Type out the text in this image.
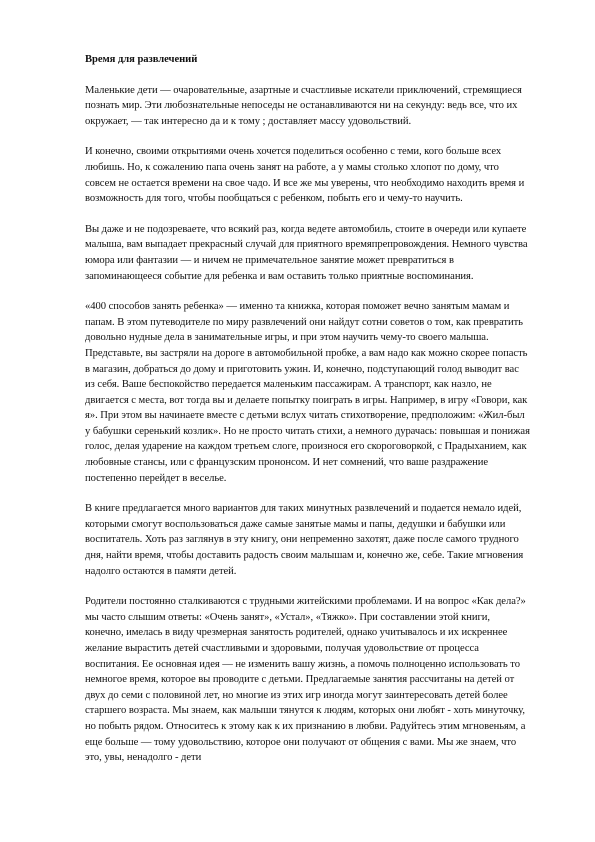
Время для развлечений

Маленькие дети — очаровательные, азартные и счастливые искатели приключений, стремящиеся познать мир. Эти любознательные непоседы не останавливаются ни на секунду: ведь все, что их окружает, — так интересно да и к тому ; доставляет массу удовольствий.

И конечно, своими открытиями очень хочется поделиться особенно с теми, кого больше всех любишь. Но, к сожалению папа очень занят на работе, а у мамы столько хлопот по дому, что совсем не остается времени на свое чадо. И все же мы уверены, что необходимо находить время и возможность для того, чтобы пообщаться с ребенком, побыть его и чему-то научить.

Вы даже и не подозреваете, что всякий раз, когда ведете автомобиль, стоите в очереди или купаете малыша, вам выпадает прекрасный случай для приятного времяпрепровождения. Немного чувства юмора или фантазии — и ничем не примечательное занятие может превратиться в запоминающееся событие для ребенка и вам оставить только приятные воспоминания.

«400 способов занять ребенка» — именно та книжка, которая поможет вечно занятым мамам и папам. В этом путеводителе по миру развлечений они найдут сотни советов о том, как превратить довольно нудные дела в занимательные игры, и при этом научить чему-то своего малыша. Представьте, вы застряли на дороге в автомобильной пробке, а вам надо как можно скорее попасть в магазин, добраться до дому и приготовить ужин. И, конечно, подступающий голод выводит вас из себя. Ваше беспокойство передается маленьким пассажирам. А транспорт, как назло, не двигается с места, вот тогда вы и делаете попытку поиграть в игры. Например, в игру «Говори, как я». При этом вы начинаете вместе с детьми вслух читать стихотворение, предположим: «Жил-был у бабушки серенький козлик». Но не просто читать стихи, а немного дурачась: повышая и понижая голос, делая ударение на каждом третьем слоге, произнося его скороговоркой, с Прадыханием, как любовные стансы, или с французским прононсом. И нет сомнений, что ваше раздражение постепенно перейдет в веселье.

В книге предлагается много вариантов для таких минутных развлечений и подается немало идей, которыми смогут воспользоваться даже самые занятые мамы и папы, дедушки и бабушки или воспитатель. Хоть раз заглянув в эту книгу, они непременно захотят, даже после самого трудного дня, найти время, чтобы доставить радость своим малышам и, конечно же, себе. Такие мгновения надолго остаются в памяти детей.

Родители постоянно сталкиваются с трудными житейскими проблемами. И на вопрос «Как дела?» мы часто слышим ответы: «Очень занят», «Устал», «Тяжко». При составлении этой книги, конечно, имелась в виду чрезмерная занятость родителей, однако учитывалось и их искреннее желание вырастить детей счастливыми и здоровыми, получая удовольствие от процесса воспитания. Ее основная идея — не изменить вашу жизнь, а помочь полноценно использовать то немногое время, которое вы проводите с детьми. Предлагаемые занятия рассчитаны на детей от двух до семи с половиной лет, но многие из этих игр иногда могут заинтересовать детей более старшего возраста. Мы знаем, как малыши тянутся к людям, которых они любят - хоть минуточку, но побыть рядом. Относитесь к этому как к их признанию в любви. Радуйтесь этим мгновеньям, а еще больше — тому удовольствию, которое они получают от общения с вами. Мы же знаем, что это, увы, ненадолго - дети
